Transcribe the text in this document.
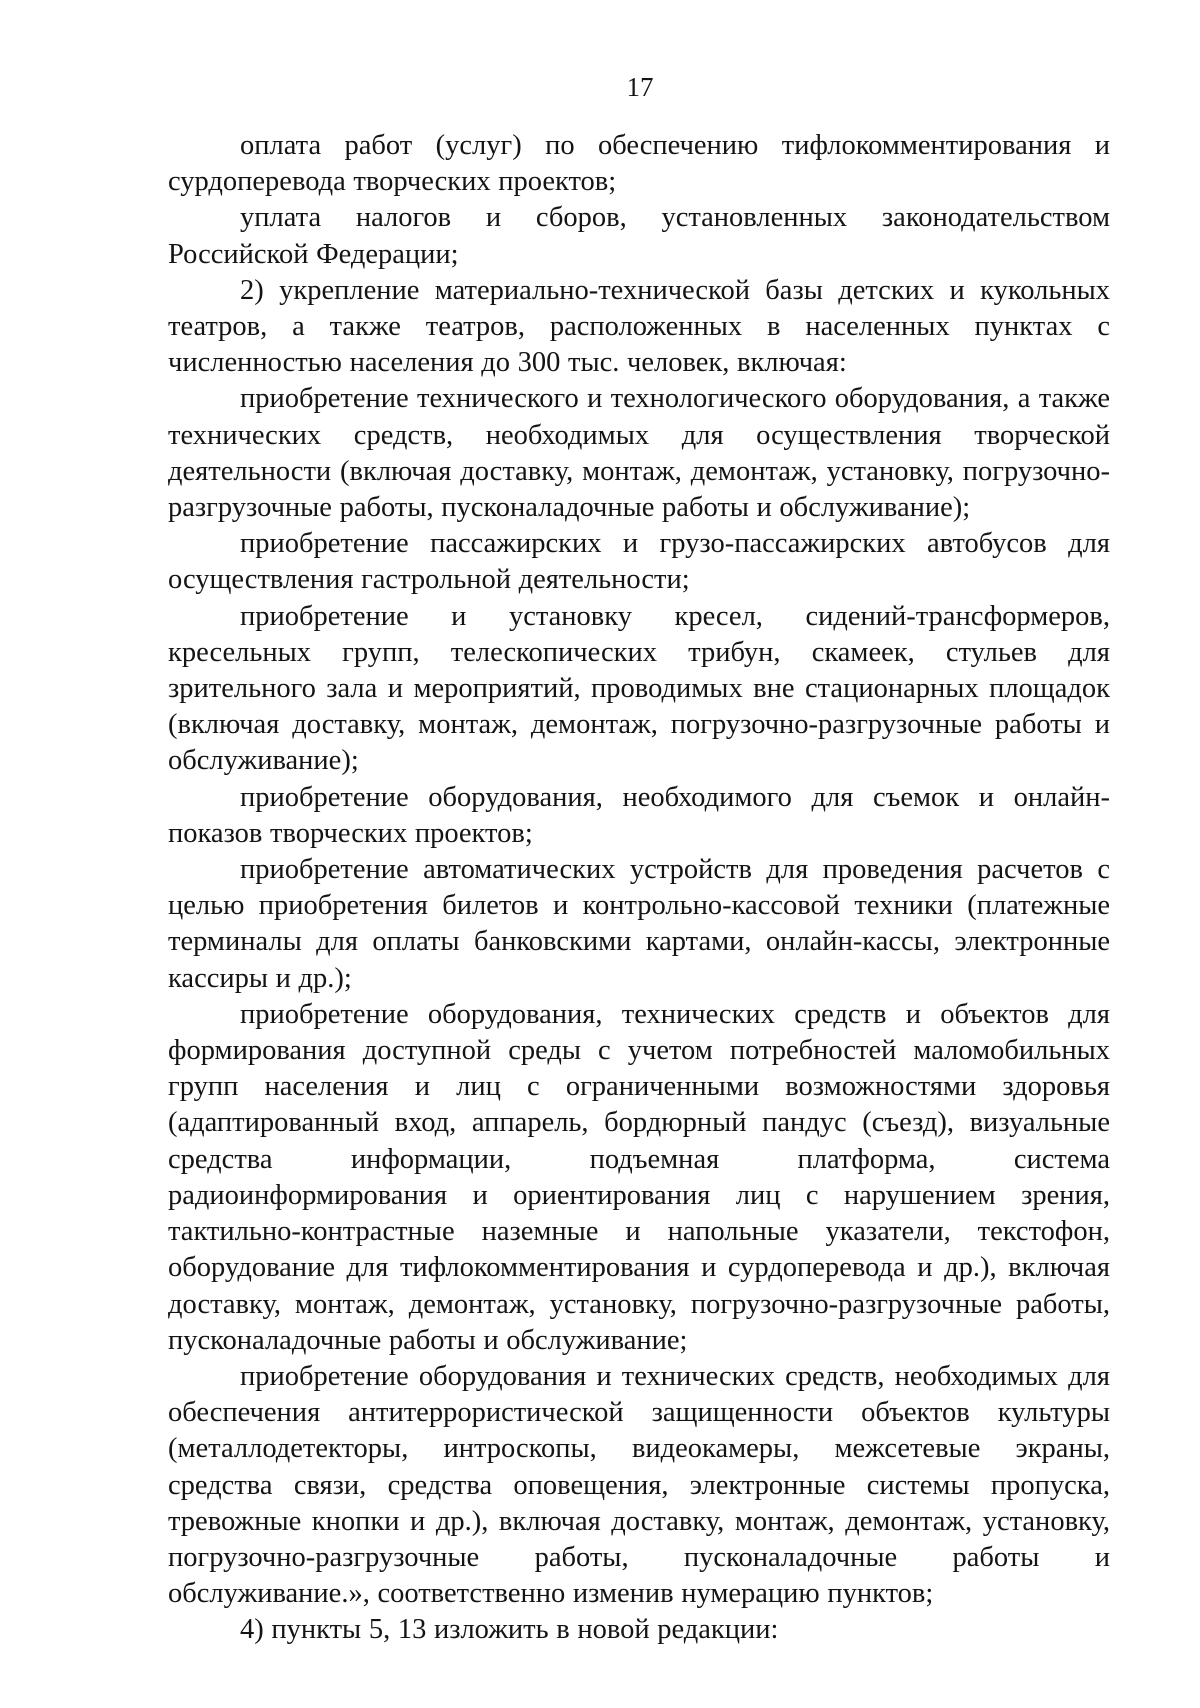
17

оплата работ (услуг) по обеспечению тифлокомментирования и сурдоперевода творческих проектов;

уплата налогов и сборов, установленных законодательством Российской Федерации;

2) укрепление материально-технической базы детских и кукольных театров, а также театров, расположенных в населенных пунктах с численностью населения до 300 тыс. человек, включая:

приобретение технического и технологического оборудования, а также технических средств, необходимых для осуществления творческой деятельности (включая доставку, монтаж, демонтаж, установку, погрузочно-разгрузочные работы, пусконаладочные работы и обслуживание);

приобретение пассажирских и грузо-пассажирских автобусов для осуществления гастрольной деятельности;

приобретение и установку кресел, сидений-трансформеров, кресельных групп, телескопических трибун, скамеек, стульев для зрительного зала и мероприятий, проводимых вне стационарных площадок (включая доставку, монтаж, демонтаж, погрузочно-разгрузочные работы и обслуживание);

приобретение оборудования, необходимого для съемок и онлайн-показов творческих проектов;

приобретение автоматических устройств для проведения расчетов с целью приобретения билетов и контрольно-кассовой техники (платежные терминалы для оплаты банковскими картами, онлайн-кассы, электронные кассиры и др.);

приобретение оборудования, технических средств и объектов для формирования доступной среды с учетом потребностей маломобильных групп населения и лиц с ограниченными возможностями здоровья (адаптированный вход, аппарель, бордюрный пандус (съезд), визуальные средства информации, подъемная платформа, система радиоинформирования и ориентирования лиц с нарушением зрения, тактильно-контрастные наземные и напольные указатели, текстофон, оборудование для тифлокомментирования и сурдоперевода и др.), включая доставку, монтаж, демонтаж, установку, погрузочно-разгрузочные работы, пусконаладочные работы и обслуживание;

приобретение оборудования и технических средств, необходимых для обеспечения антитеррористической защищенности объектов культуры (металлодетекторы, интроскопы, видеокамеры, межсетевые экраны, средства связи, средства оповещения, электронные системы пропуска, тревожные кнопки и др.), включая доставку, монтаж, демонтаж, установку, погрузочно-разгрузочные работы, пусконаладочные работы и обслуживание.», соответственно изменив нумерацию пунктов;

4) пункты 5, 13 изложить в новой редакции:
